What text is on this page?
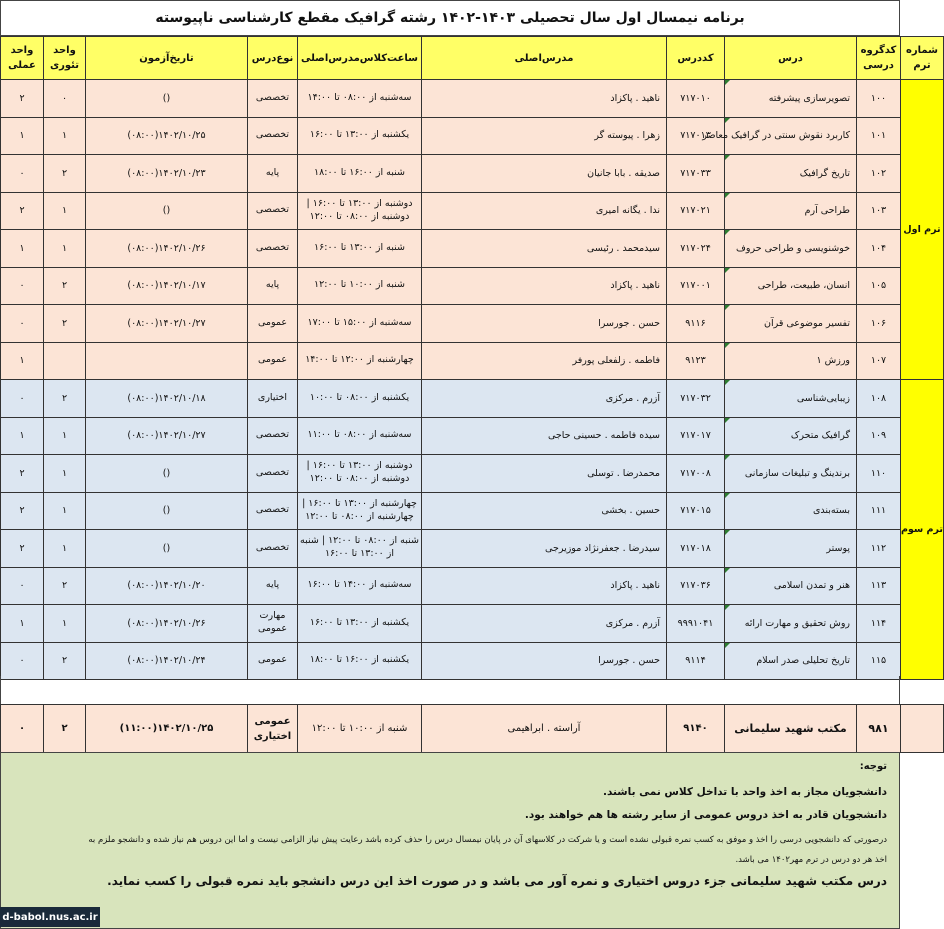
برنامه نیمسال اول سال تحصیلی ۱۴۰۳-۱۴۰۲ رشته گرافیک مقطع کارشناسی ناپیوسته
شماره ترم	کدگروه درسی	درس	کددرس	مدرس‌اصلی	ساعت‌کلاس‌مدرس‌اصلی	نوع‌درس	تاریخ‌آزمون	واحد تئوری	واحد عملی
ترم اول	۱۰۰	تصویرسازی پیشرفته	۷۱۷۰۱۰	ناهید . پاکزاد	سه‌شنبه از ۰۸:۰۰ تا ۱۴:۰۰	تخصصی	()	۰	۲
	۱۰۱	کاربرد نقوش سنتی در گرافیک معاصر	۷۱۷۰۱۳	زهرا . پیوسته گر	یکشنبه از ۱۳:۰۰ تا ۱۶:۰۰	تخصصی	۱۴۰۲/۱۰/۲۵(۰۸:۰۰)	۱	۱
	۱۰۲	تاریخ گرافیک	۷۱۷۰۳۳	صدیقه . بابا جانیان	شنبه از ۱۶:۰۰ تا ۱۸:۰۰	پایه	۱۴۰۲/۱۰/۲۳(۰۸:۰۰)	۲	۰
	۱۰۳	طراحی آرم	۷۱۷۰۲۱	ندا . یگانه امیری	دوشنبه از ۱۳:۰۰ تا ۱۶:۰۰ | دوشنبه از ۰۸:۰۰ تا ۱۲:۰۰	تخصصی	()	۱	۲
	۱۰۴	خوشنویسی و طراحی حروف	۷۱۷۰۲۴	سیدمحمد . رئیسی	شنبه از ۱۳:۰۰ تا ۱۶:۰۰	تخصصی	۱۴۰۲/۱۰/۲۶(۰۸:۰۰)	۱	۱
	۱۰۵	انسان، طبیعت، طراحی	۷۱۷۰۰۱	ناهید . پاکزاد	شنبه از ۱۰:۰۰ تا ۱۲:۰۰	پایه	۱۴۰۲/۱۰/۱۷(۰۸:۰۰)	۲	۰
	۱۰۶	تفسیر موضوعی قرآن	۹۱۱۶	حسن . جورسرا	سه‌شنبه از ۱۵:۰۰ تا ۱۷:۰۰	عمومی	۱۴۰۲/۱۰/۲۷(۰۸:۰۰)	۲	۰
	۱۰۷	ورزش ۱	۹۱۲۳	فاطمه . زلفعلی پورفر	چهارشنبه از ۱۲:۰۰ تا ۱۴:۰۰	عمومی			۱
ترم سوم	۱۰۸	زیبایی‌شناسی	۷۱۷۰۳۲	آزرم . مرکزی	یکشنبه از ۰۸:۰۰ تا ۱۰:۰۰	اختیاری	۱۴۰۲/۱۰/۱۸(۰۸:۰۰)	۲	۰
	۱۰۹	گرافیک متحرک	۷۱۷۰۱۷	سیده فاطمه . حسینی حاجی	سه‌شنبه از ۰۸:۰۰ تا ۱۱:۰۰	تخصصی	۱۴۰۲/۱۰/۲۷(۰۸:۰۰)	۱	۱
	۱۱۰	برندینگ و تبلیغات سازمانی	۷۱۷۰۰۸	محمدرضا . توسلی	دوشنبه از ۱۳:۰۰ تا ۱۶:۰۰ | دوشنبه از ۰۸:۰۰ تا ۱۲:۰۰	تخصصی	()	۱	۲
	۱۱۱	بسته‌بندی	۷۱۷۰۱۵	حسین . بخشی	چهارشنبه از ۱۳:۰۰ تا ۱۶:۰۰ | چهارشنبه از ۰۸:۰۰ تا ۱۲:۰۰	تخصصی	()	۱	۲
	۱۱۲	پوستر	۷۱۷۰۱۸	سیدرضا . جعفرنژاد موزیرجی	شنبه از ۰۸:۰۰ تا ۱۲:۰۰ | شنبه از ۱۳:۰۰ تا ۱۶:۰۰	تخصصی	()	۱	۲
	۱۱۳	هنر و تمدن اسلامی	۷۱۷۰۳۶	ناهید . پاکزاد	سه‌شنبه از ۱۴:۰۰ تا ۱۶:۰۰	پایه	۱۴۰۲/۱۰/۲۰(۰۸:۰۰)	۲	۰
	۱۱۴	روش تحقیق و مهارت ارائه	۹۹۹۱۰۴۱	آزرم . مرکزی	یکشنبه از ۱۳:۰۰ تا ۱۶:۰۰	مهارت عمومی	۱۴۰۲/۱۰/۲۶(۰۸:۰۰)	۱	۱
	۱۱۵	تاریخ تحلیلی صدر اسلام	۹۱۱۴	حسن . جورسرا	یکشنبه از ۱۶:۰۰ تا ۱۸:۰۰	عمومی	۱۴۰۲/۱۰/۲۴(۰۸:۰۰)	۲	۰
	۹۸۱	مکتب شهید سلیمانی	۹۱۴۰	آراسته . ابراهیمی	شنبه از ۱۰:۰۰ تا ۱۲:۰۰	عمومی اختیاری	۱۴۰۲/۱۰/۲۵(۱۱:۰۰)	۲	۰

توجه:

دانشجویان مجاز به اخذ واحد با تداخل کلاس نمی باشند.

دانشجویان قادر به اخذ دروس عمومی از سایر رشته ها هم خواهند بود.

درصورتی که دانشجویی درسی را اخذ و موفق به کسب نمره قبولی نشده است و یا شرکت در کلاسهای آن در پایان نیمسال درس را حذف کرده باشد رعایت پیش نیاز الزامی نیست و اما این دروس هم نیاز شده و دانشجو ملزم به

اخذ هر دو درس در ترم مهر۱۴۰۲ می باشد.

درس مکتب شهید سلیمانی جزء دروس اختیاری و نمره آور می باشد و در صورت اخذ این درس دانشجو باید نمره قبولی را کسب نماید.

d-babol.nus.ac.ir
